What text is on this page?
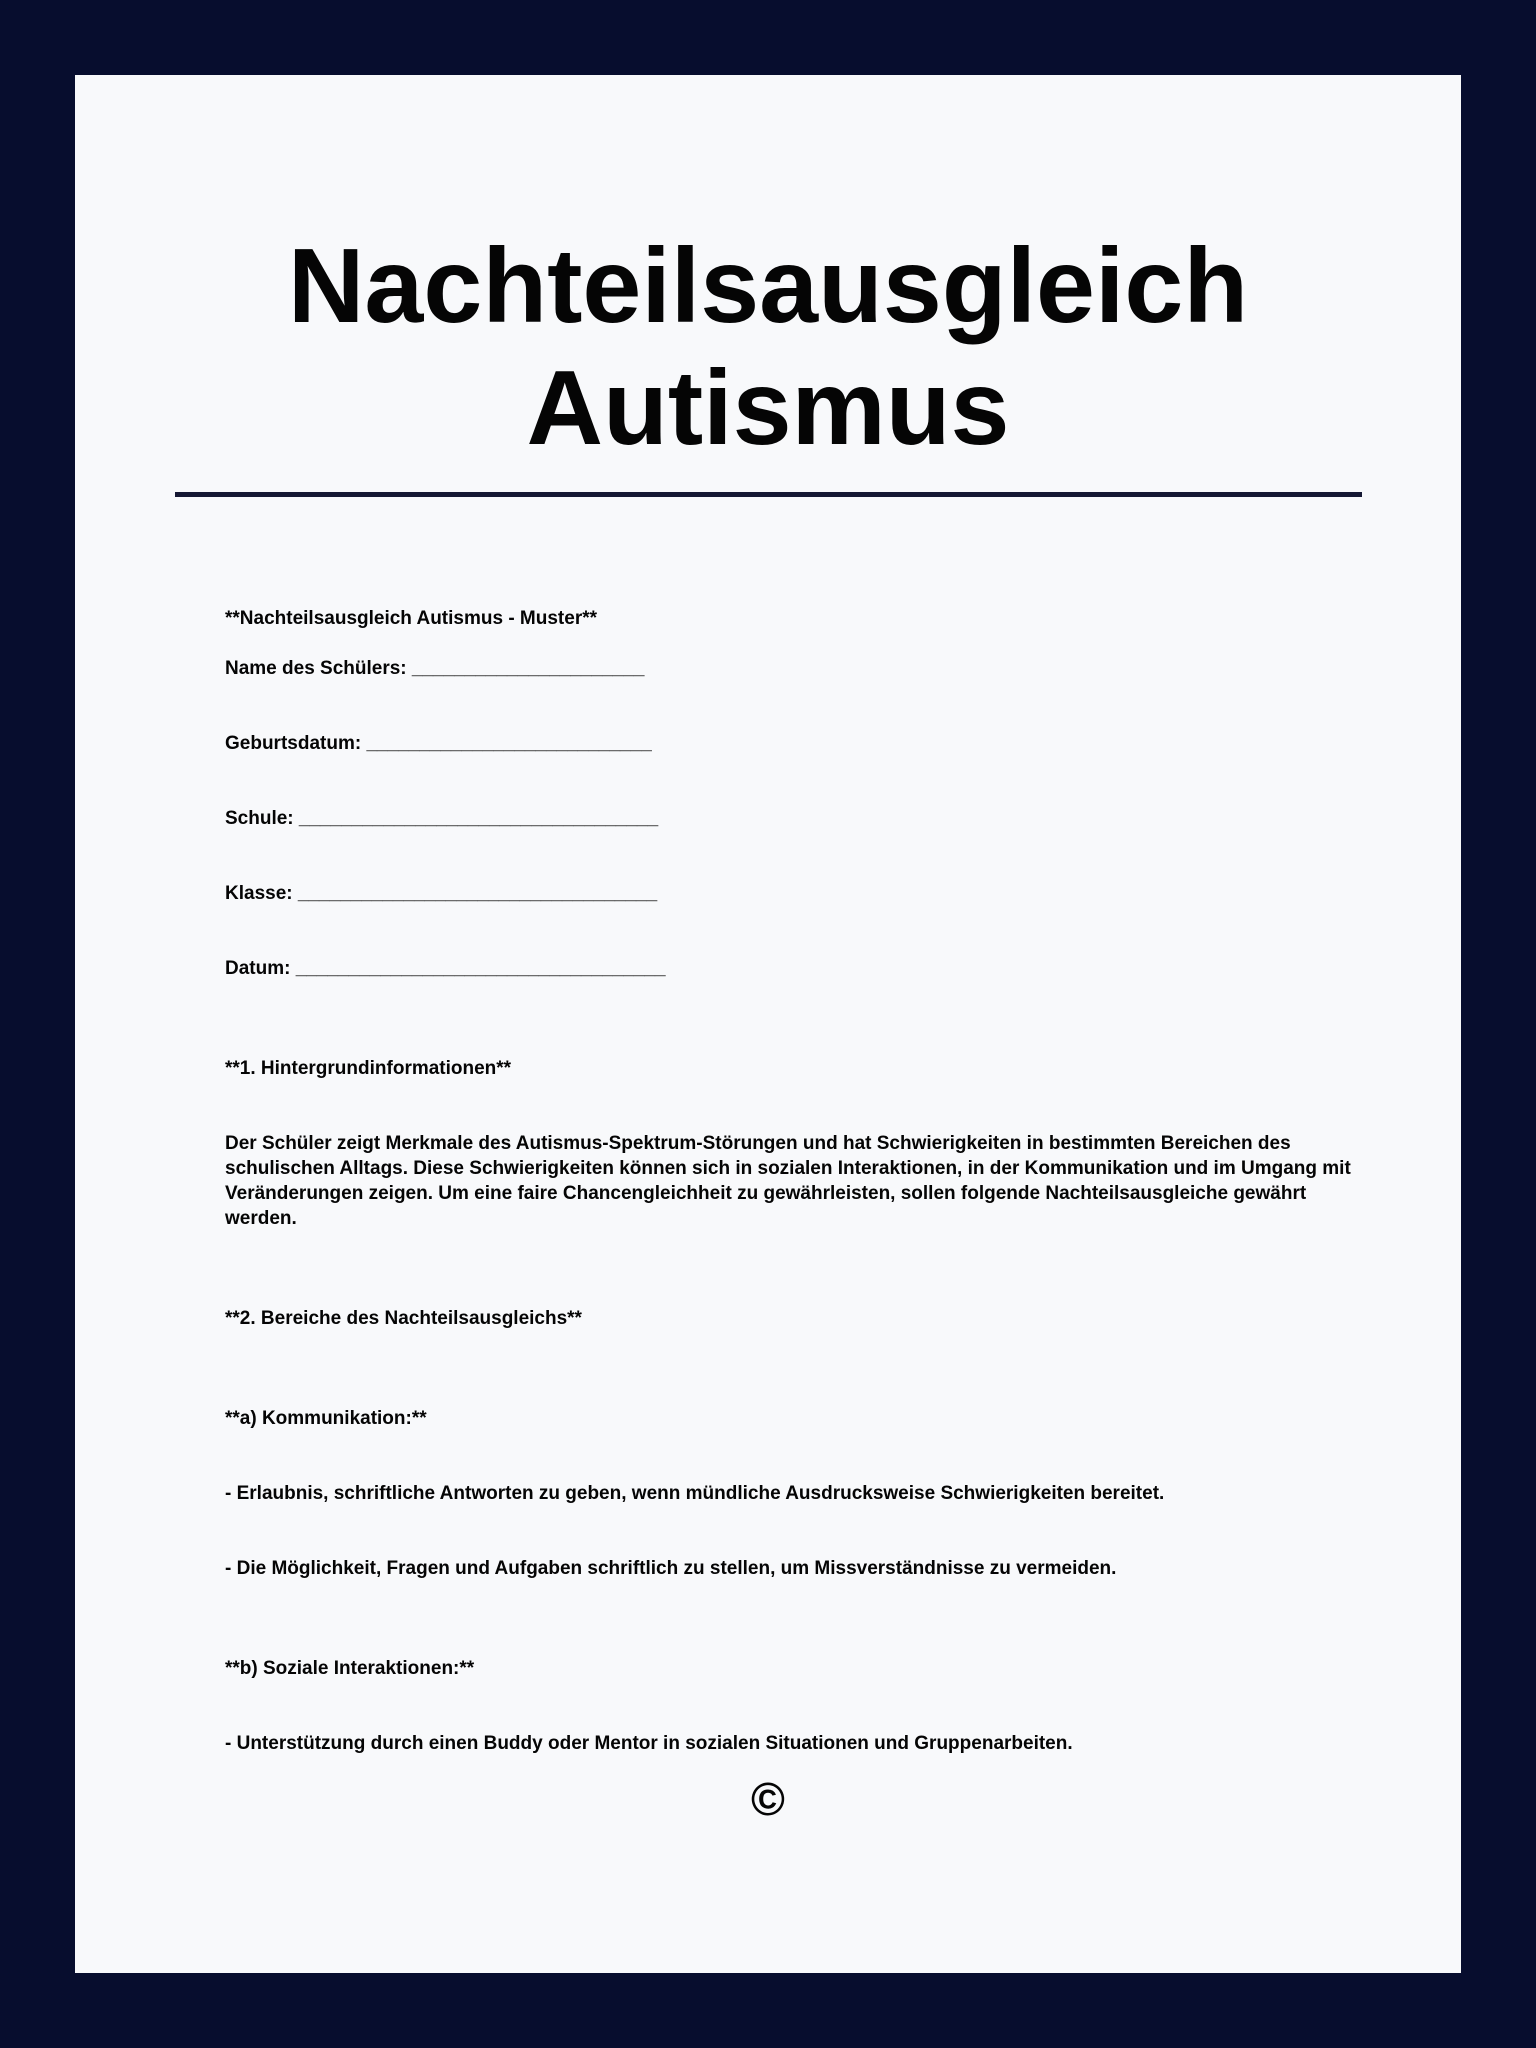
Nachteilsausgleich
Autismus
**Nachteilsausgleich Autismus - Muster**
Name des Schülers: ______________________
Geburtsdatum: ___________________________
Schule: __________________________________
Klasse: __________________________________
Datum: ___________________________________
**1. Hintergrundinformationen**
Der Schüler zeigt Merkmale des Autismus-Spektrum-Störungen und hat Schwierigkeiten in bestimmten Bereichen des schulischen Alltags. Diese Schwierigkeiten können sich in sozialen Interaktionen, in der Kommunikation und im Umgang mit Veränderungen zeigen. Um eine faire Chancengleichheit zu gewährleisten, sollen folgende Nachteilsausgleiche gewährt werden.
**2. Bereiche des Nachteilsausgleichs**
**a) Kommunikation:**
- Erlaubnis, schriftliche Antworten zu geben, wenn mündliche Ausdrucksweise Schwierigkeiten bereitet.
- Die Möglichkeit, Fragen und Aufgaben schriftlich zu stellen, um Missverständnisse zu vermeiden.
**b) Soziale Interaktionen:**
- Unterstützung durch einen Buddy oder Mentor in sozialen Situationen und Gruppenarbeiten.
©
